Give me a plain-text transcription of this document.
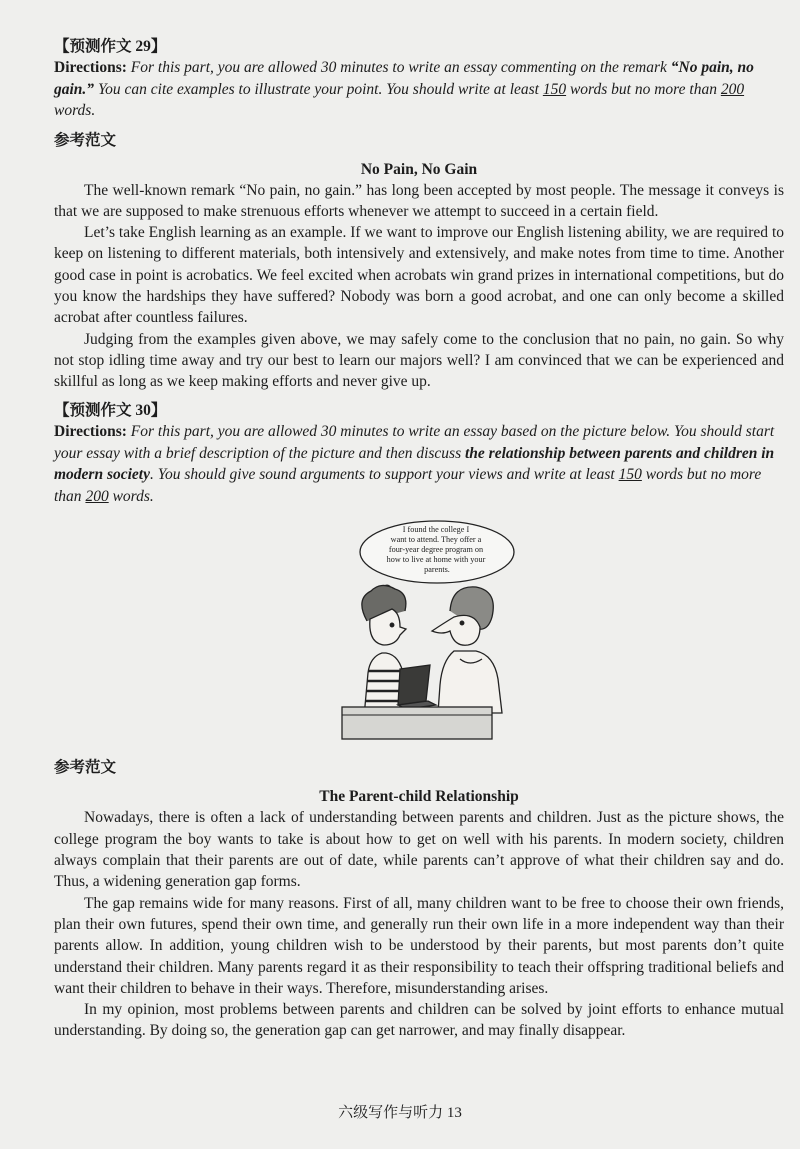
【预测作文 29】

Directions: For this part, you are allowed 30 minutes to write an essay commenting on the remark “No pain, no gain.” You can cite examples to illustrate your point. You should write at least 150 words but no more than 200 words.

参考范文

No Pain, No Gain

The well-known remark “No pain, no gain.” has long been accepted by most people. The message it conveys is that we are supposed to make strenuous efforts whenever we attempt to succeed in a certain field.

Let’s take English learning as an example. If we want to improve our English listening ability, we are required to keep on listening to different materials, both intensively and extensively, and make notes from time to time. Another good case in point is acrobatics. We feel excited when acrobats win grand prizes in international competitions, but do you know the hardships they have suffered? Nobody was born a good acrobat, and one can only become a skilled acrobat after countless failures.

Judging from the examples given above, we may safely come to the conclusion that no pain, no gain. So why not stop idling time away and try our best to learn our majors well? I am convinced that we can be experienced and skillful as long as we keep making efforts and never give up.

【预测作文 30】

Directions: For this part, you are allowed 30 minutes to write an essay based on the picture below. You should start your essay with a brief description of the picture and then discuss the relationship between parents and children in modern society. You should give sound arguments to support your views and write at least 150 words but no more than 200 words.

I found the college I want to attend. They offer a four-year degree program on how to live at home with your parents.

参考范文

The Parent-child Relationship

Nowadays, there is often a lack of understanding between parents and children. Just as the picture shows, the college program the boy wants to take is about how to get on well with his parents. In modern society, children always complain that their parents are out of date, while parents can’t approve of what their children say and do. Thus, a widening generation gap forms.

The gap remains wide for many reasons. First of all, many children want to be free to choose their own friends, plan their own futures, spend their own time, and generally run their own life in a more independent way than their parents allow. In addition, young children wish to be understood by their parents, but most parents don’t quite understand their children. Many parents regard it as their responsibility to teach their offspring traditional beliefs and want their children to behave in their ways. Therefore, misunderstanding arises.

In my opinion, most problems between parents and children can be solved by joint efforts to enhance mutual understanding. By doing so, the generation gap can get narrower, and may finally disappear.

六级写作与听力 13
